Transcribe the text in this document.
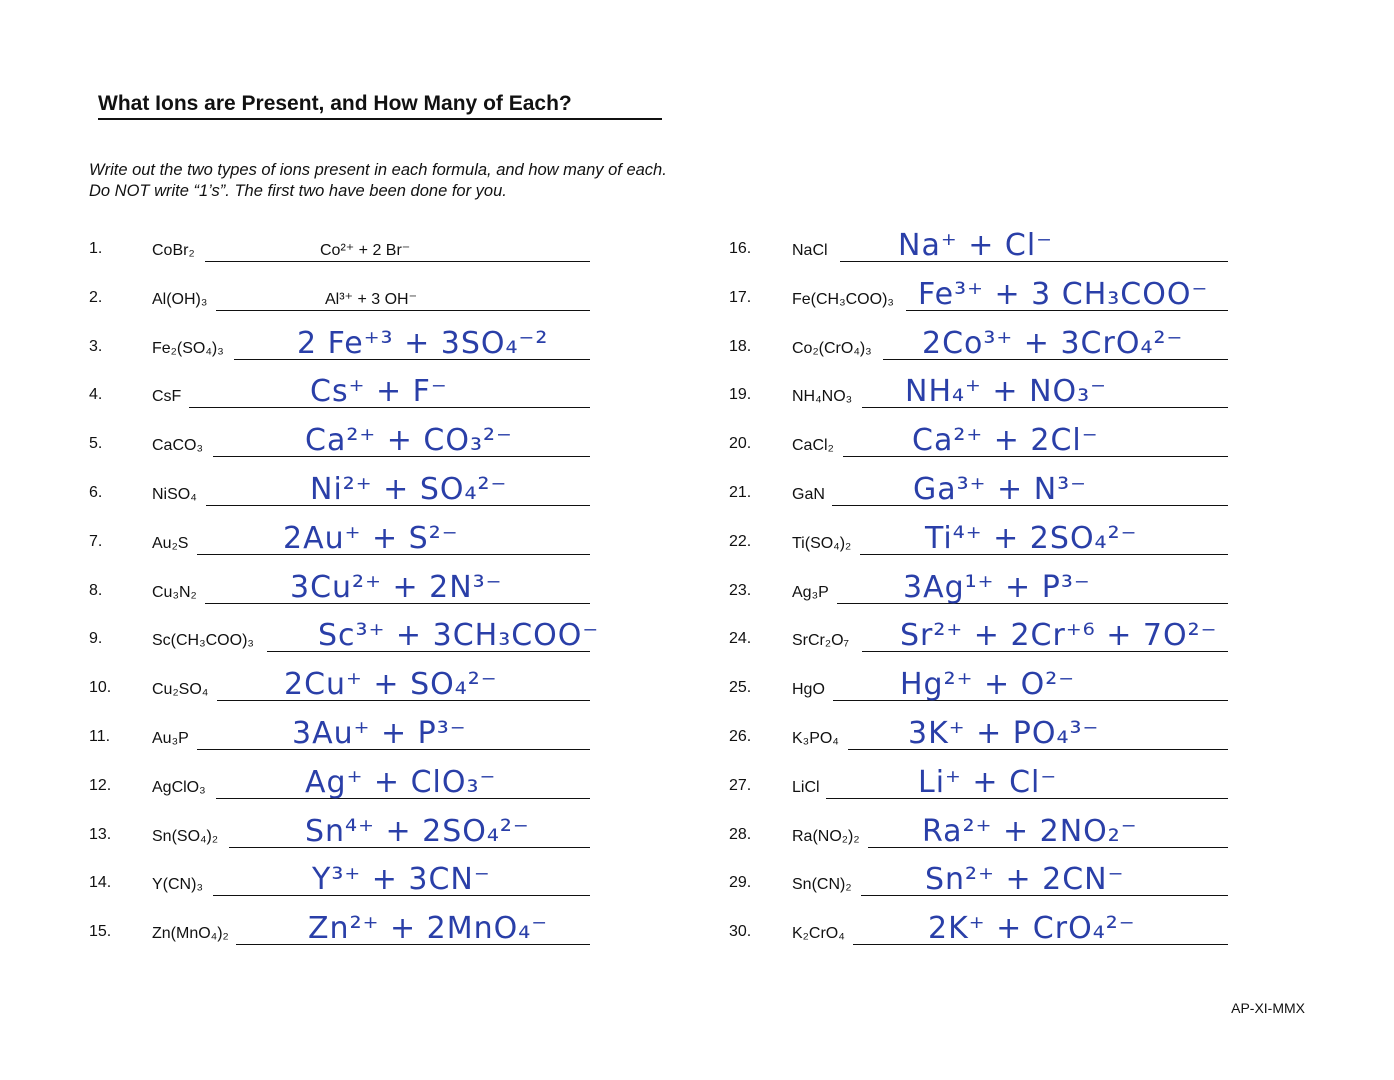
What Ions are Present, and How Many of Each?
Write out the two types of ions present in each formula, and how many of each. Do NOT write “1’s”. The first two have been done for you.
1.	CoBr₂	Co²⁺ + 2 Br⁻
2.	Al(OH)₃	Al³⁺ + 3 OH⁻
3.	Fe₂(SO₄)₃ 2 Fe⁺³ + 3SO₄⁻²
4.	CsF	Cs⁺ + F⁻
5.	CaCO₃	Ca²⁺ + CO₃²⁻
6.	NiSO₄	Ni²⁺ + SO₄²⁻
7.	Au₂S	2Au⁺ + S²⁻
8.	Cu₃N₂	3Cu²⁺ + 2N³⁻
9.	Sc(CH₃COO)₃ Sc³⁺ + 3CH₃COO⁻
10.	Cu₂SO₄	2Cu⁺ + SO₄²⁻
11.	Au₃P	3Au⁺ + P³⁻
12.	AgClO₃	Ag⁺ + ClO₃⁻
13.	Sn(SO₄)₂	Sn⁴⁺ + 2SO₄²⁻
14.	Y(CN)₃	Y³⁺ + 3CN⁻
15.	Zn(MnO₄)₂	Zn²⁺ + 2MnO₄⁻
16.	NaCl Na⁺ + Cl⁻
17.	Fe(CH₃COO)₃ Fe³⁺ + 3 CH₃COO⁻
18.	Co₂(CrO₄)₃ 2Co³⁺ + 3CrO₄²⁻
19.	NH₄NO₃ NH₄⁺ + NO₃⁻
20.	CaCl₂	Ca²⁺ + 2Cl⁻
21.	GaN	Ga³⁺ + N³⁻
22.	Ti(SO₄)₂ Ti⁴⁺ + 2SO₄²⁻
23.	Ag₃P 3Ag¹⁺ + P³⁻
24.	SrCr₂O₇ Sr²⁺ + 2Cr⁺⁶ + 7O²⁻
25.	HgO	Hg²⁺ + O²⁻
26.	K₃PO₄ 3K⁺ + PO₄³⁻
27.	LiCl	Li⁺ + Cl⁻
28.	Ra(NO₂)₂ Ra²⁺ + 2NO₂⁻
29.	Sn(CN)₂ Sn²⁺ + 2CN⁻
30.	K₂CrO₄	2K⁺ + CrO₄²⁻
AP-XI-MMX
